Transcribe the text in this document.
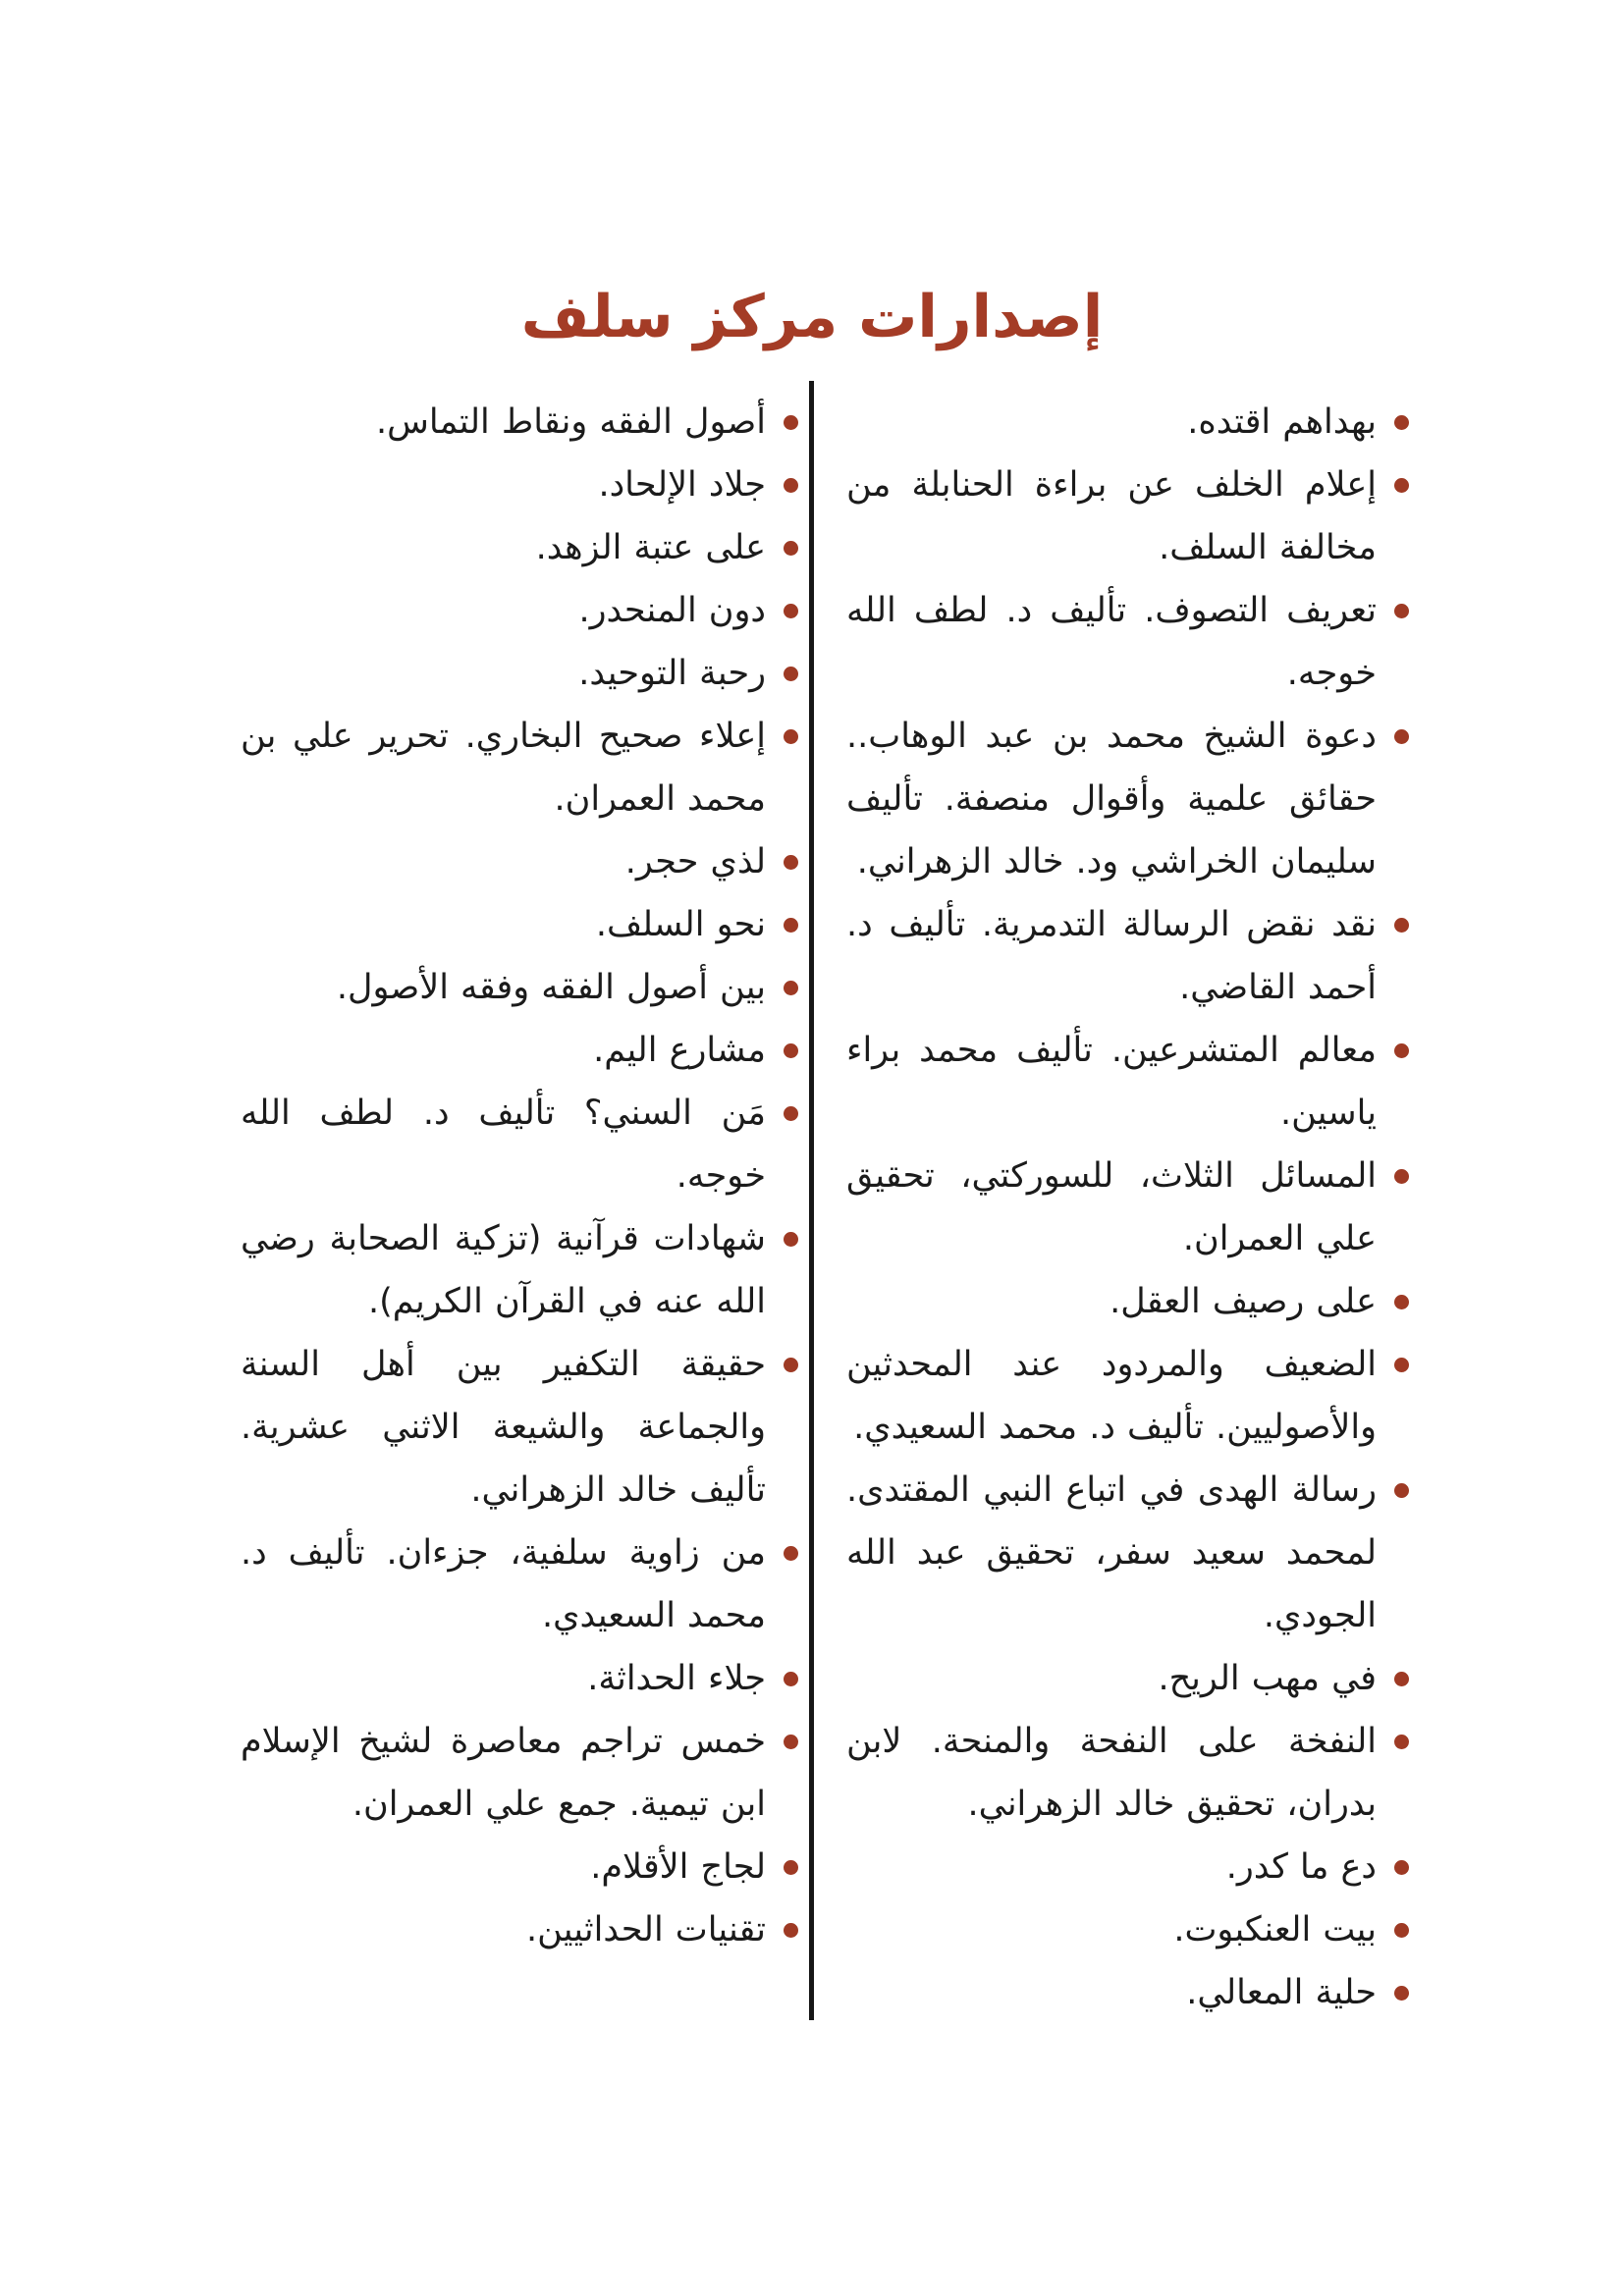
إصدارات مركز سلف
بهداهم اقتده.
إعلام الخلف عن براءة الحنابلة من مخالفة السلف.
تعريف التصوف. تأليف د. لطف الله خوجه.
دعوة الشيخ محمد بن عبد الوهاب.. حقائق علمية وأقوال منصفة. تأليف سليمان الخراشي ود. خالد الزهراني.
نقد نقض الرسالة التدمرية. تأليف د. أحمد القاضي.
معالم المتشرعين. تأليف محمد براء ياسين.
المسائل الثلاث، للسوركتي، تحقيق علي العمران.
على رصيف العقل.
الضعيف والمردود عند المحدثين والأصوليين. تأليف د. محمد السعيدي.
رسالة الهدى في اتباع النبي المقتدى. لمحمد سعيد سفر، تحقيق عبد الله الجودي.
في مهب الريح.
النفخة على النفحة والمنحة. لابن بدران، تحقيق خالد الزهراني.
دع ما كدر.
بيت العنكبوت.
حلية المعالي.
أصول الفقه ونقاط التماس.
جلاد الإلحاد.
على عتبة الزهد.
دون المنحدر.
رحبة التوحيد.
إعلاء صحيح البخاري. تحرير علي بن محمد العمران.
لذي حجر.
نحو السلف.
بين أصول الفقه وفقه الأصول.
مشارع اليم.
مَن السني؟ تأليف د. لطف الله خوجه.
شهادات قرآنية (تزكية الصحابة رضي الله عنه في القرآن الكريم).
حقيقة التكفير بين أهل السنة والجماعة والشيعة الاثني عشرية. تأليف خالد الزهراني.
من زاوية سلفية، جزءان. تأليف د. محمد السعيدي.
جلاء الحداثة.
خمس تراجم معاصرة لشيخ الإسلام ابن تيمية. جمع علي العمران.
لجاج الأقلام.
تقنيات الحداثيين.
